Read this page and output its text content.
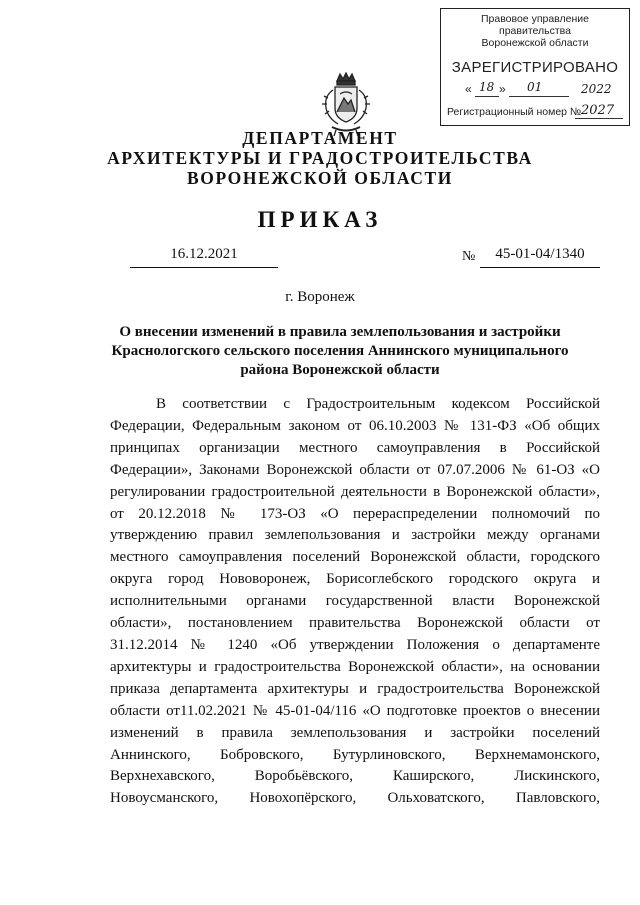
Правовое управление правительства
Воронежской области
ЗАРЕГИСТРИРОВАНО
« 18 » 01	2022
Регистрационный номер № 2027
ДЕПАРТАМЕНТ
АРХИТЕКТУРЫ И ГРАДОСТРОИТЕЛЬСТВА
ВОРОНЕЖСКОЙ ОБЛАСТИ
ПРИКАЗ
16.12.2021	№	45-01-04/1340
г. Воронеж
О внесении изменений в правила землепользования и застройки
Краснологского сельского поселения Аннинского муниципального
района Воронежской области
В соответствии с Градостроительным кодексом Российской
Федерации, Федеральным законом от 06.10.2003 № 131-ФЗ «Об общих
принципах организации местного самоуправления в Российской
Федерации», Законами Воронежской области от 07.07.2006 № 61-ОЗ «О
регулировании градостроительной деятельности в Воронежской области»,
от 20.12.2018 № 173-ОЗ «О перераспределении полномочий по
утверждению правил землепользования и застройки между органами
местного самоуправления поселений Воронежской области, городского
округа город Нововоронеж, Борисоглебского городского округа и
исполнительными органами государственной власти Воронежской
области», постановлением правительства Воронежской области от
31.12.2014 № 1240 «Об утверждении Положения о департаменте
архитектуры и градостроительства Воронежской области», на основании
приказа департамента архитектуры и градостроительства Воронежской
области от11.02.2021 № 45-01-04/116 «О подготовке проектов о внесении
изменений в правила землепользования и застройки поселений
Аннинского, Бобровского, Бутурлиновского, Верхнемамонского,
Верхнехавского, Воробьёвского, Каширского, Лискинского,
Новоусманского, Новохопёрского, Ольховатского, Павловского,
